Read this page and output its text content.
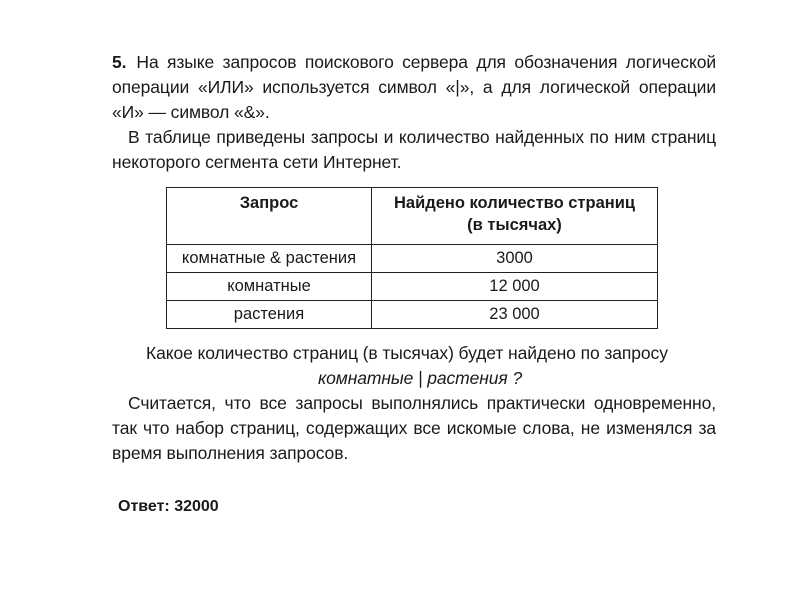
5. На языке запросов поискового сервера для обозначения логической
операции «ИЛИ» используется символ «|», а для логической операции
«И» — символ «&».
В таблице приведены запросы и количество найденных по ним страниц
некоторого сегмента сети Интернет.
Запрос	Найдено количество страниц
(в тысячах)

комнатные & растения	3000
комнатные	12 000
растения	23 000
Какое количество страниц (в тысячах) будет найдено по запросу
комнатные | растения ?
Считается, что все запросы выполнялись практически одновременно,
так что набор страниц, содержащих все искомые слова, не изменялся за
время выполнения запросов.
Ответ: 32000
